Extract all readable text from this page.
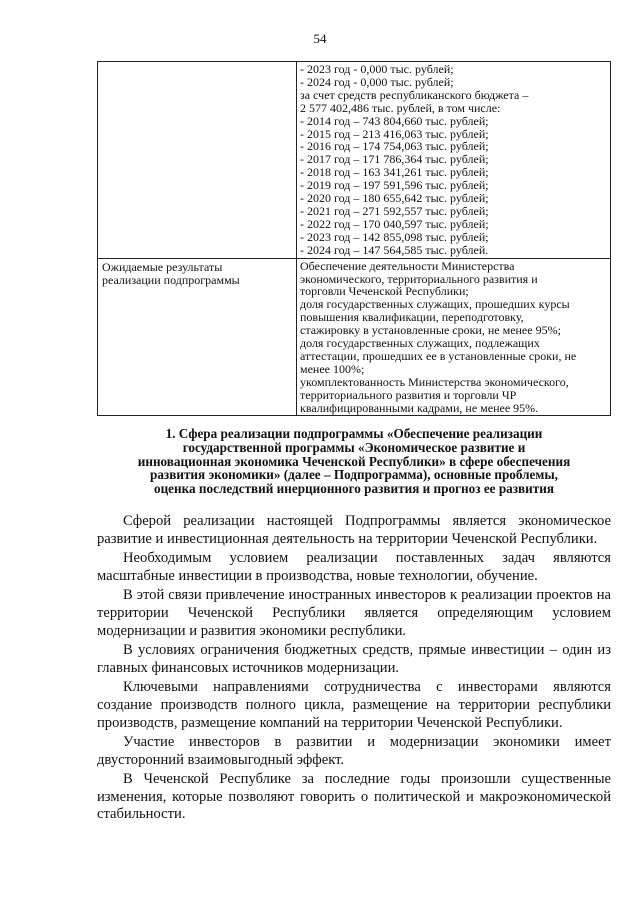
54
- 2023 год - 0,000 тыс. рублей;
- 2024 год - 0,000 тыс. рублей;
за счет средств республиканского бюджета –
2 577 402,486 тыс. рублей, в том числе:
- 2014 год – 743 804,660 тыс. рублей;
- 2015 год – 213 416,063 тыс. рублей;
- 2016 год – 174 754,063 тыс. рублей;
- 2017 год – 171 786,364 тыс. рублей;
- 2018 год – 163 341,261 тыс. рублей;
- 2019 год – 197 591,596 тыс. рублей;
- 2020 год – 180 655,642 тыс. рублей;
- 2021 год – 271 592,557 тыс. рублей;
- 2022 год – 170 040,597 тыс. рублей;
- 2023 год – 142 855,098 тыс. рублей;
- 2024 год – 147 564,585 тыс. рублей.
Ожидаемые результаты
реализации подпрограммы
Обеспечение деятельности Министерства
экономического, территориального развития и
торговли Чеченской Республики;
доля государственных служащих, прошедших курсы
повышения квалификации, переподготовку,
стажировку в установленные сроки, не менее 95%;
доля государственных служащих, подлежащих
аттестации, прошедших ее в установленные сроки, не
менее 100%;
укомплектованность Министерства экономического,
территориального развития и торговли ЧР
квалифицированными кадрами, не менее 95%.
1. Сфера реализации подпрограммы «Обеспечение реализации
государственной программы «Экономическое развитие и
инновационная экономика Чеченской Республики» в сфере обеспечения
развития экономики» (далее – Подпрограмма), основные проблемы,
оценка последствий инерционного развития и прогноз ее развития

Сферой реализации настоящей Подпрограммы является экономическое развитие и инвестиционная деятельность на территории Чеченской Республики.

Необходимым условием реализации поставленных задач являются масштабные инвестиции в производства, новые технологии, обучение.

В этой связи привлечение иностранных инвесторов к реализации проектов на территории Чеченской Республики является определяющим условием модернизации и развития экономики республики.

В условиях ограничения бюджетных средств, прямые инвестиции – один из главных финансовых источников модернизации.

Ключевыми направлениями сотрудничества с инвесторами являются создание производств полного цикла, размещение на территории республики производств, размещение компаний на территории Чеченской Республики.

Участие инвесторов в развитии и модернизации экономики имеет двусторонний взаимовыгодный эффект.

В Чеченской Республике за последние годы произошли существенные изменения, которые позволяют говорить о политической и макроэкономической стабильности.
